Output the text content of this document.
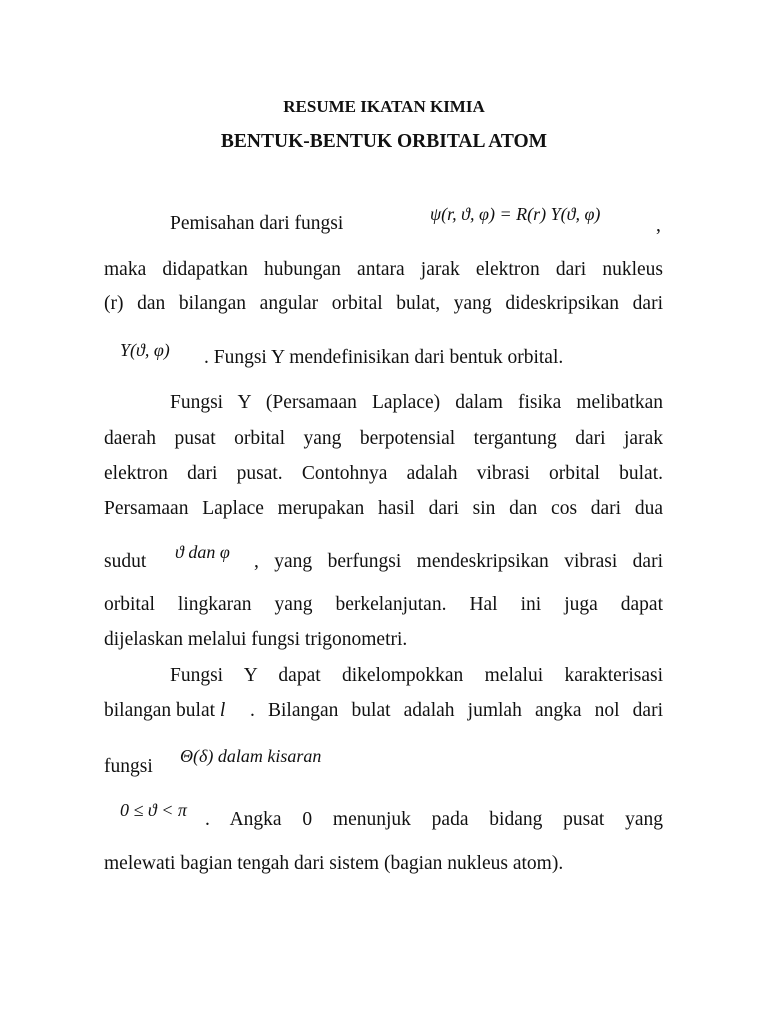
RESUME IKATAN KIMIA
BENTUK-BENTUK ORBITAL ATOM
Pemisahan dari fungsi	ψ(r, ϑ, φ) = R(r) Y(ϑ, φ)
,
maka didapatkan hubungan antara jarak elektron dari nukleus
(r) dan bilangan angular orbital bulat, yang dideskripsikan dari
Y(ϑ, φ) . Fungsi Y mendefinisikan dari bentuk orbital.
Fungsi Y (Persamaan Laplace) dalam fisika melibatkan
daerah pusat orbital yang berpotensial tergantung dari jarak
elektron dari pusat. Contohnya adalah vibrasi orbital bulat.
Persamaan Laplace merupakan hasil dari sin dan cos dari dua
sudut ϑ dan φ , yang berfungsi mendeskripsikan vibrasi dari
orbital lingkaran yang berkelanjutan. Hal ini juga dapat
dijelaskan melalui fungsi trigonometri.
Fungsi Y dapat dikelompokkan melalui karakterisasi
bilangan bulat l . Bilangan bulat adalah jumlah angka nol dari
fungsi Θ(δ) dalam kisaran
0 ≤ ϑ < π . Angka 0 menunjuk pada bidang pusat yang
melewati bagian tengah dari sistem (bagian nukleus atom).
